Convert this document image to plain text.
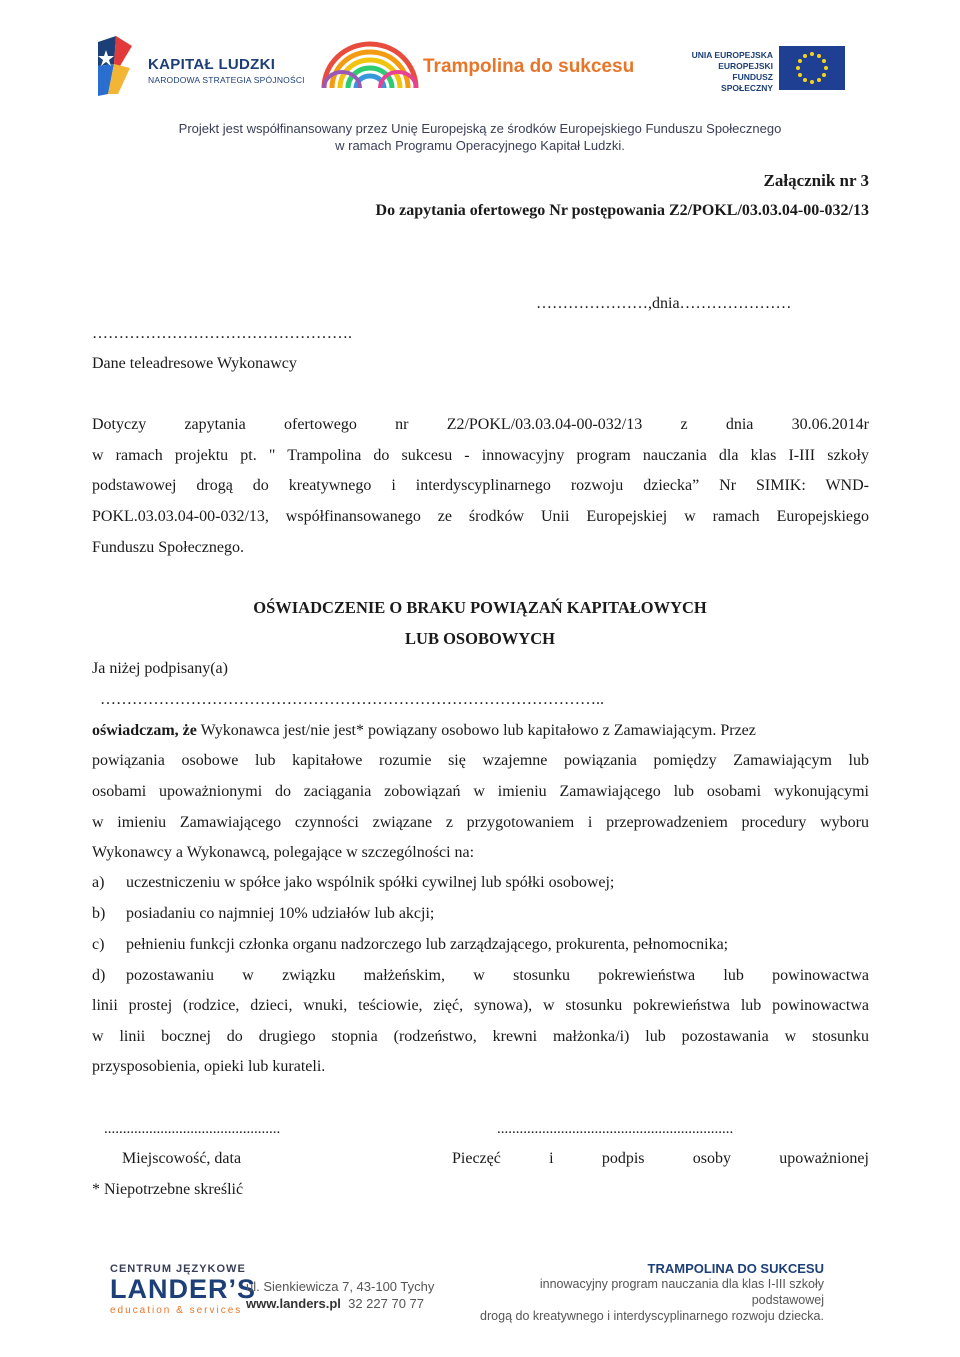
KAPITAŁ LUDZKI
NARODOWA STRATEGIA SPÓJNOŚCI
Trampolina do sukcesu
UNIA EUROPEJSKA
EUROPEJSKI
FUNDUSZ SPOŁECZNY
Projekt jest współfinansowany przez Unię Europejską ze środków Europejskiego Funduszu Społecznego
w ramach Programu Operacyjnego Kapitał Ludzki.
Załącznik nr 3
Do zapytania ofertowego Nr postępowania Z2/POKL/03.03.04-00-032/13
…………………,dnia…………………
………………………………………….
Dane teleadresowe Wykonawcy
Dotyczy zapytania ofertowego nr Z2/POKL/03.03.04-00-032/13 z dnia 30.06.2014r
w ramach projektu pt. " Trampolina do sukcesu - innowacyjny program nauczania dla klas I-III szkoły
podstawowej drogą do kreatywnego i interdyscyplinarnego rozwoju dziecka” Nr SIMIK: WND-
POKL.03.03.04-00-032/13, współfinansowanego ze środków Unii Europejskiej w ramach Europejskiego
Funduszu Społecznego.
OŚWIADCZENIE O BRAKU POWIĄZAŃ KAPITAŁOWYCH
LUB OSOBOWYCH
Ja niżej podpisany(a)
…………………………………………………………………………………..
oświadczam, że Wykonawca jest/nie jest* powiązany osobowo lub kapitałowo z Zamawiającym. Przez
powiązania osobowe lub kapitałowe rozumie się wzajemne powiązania pomiędzy Zamawiającym lub
osobami upoważnionymi do zaciągania zobowiązań w imieniu Zamawiającego lub osobami wykonującymi
w imieniu Zamawiającego czynności związane z przygotowaniem i przeprowadzeniem procedury wyboru
Wykonawcy a Wykonawcą, polegające w szczególności na:
a) uczestniczeniu w spółce jako wspólnik spółki cywilnej lub spółki osobowej;
b) posiadaniu co najmniej 10% udziałów lub akcji;
c) pełnieniu funkcji członka organu nadzorczego lub zarządzającego, prokurenta, pełnomocnika;
d)	pozostawaniu w związku małżeńskim, w stosunku pokrewieństwa lub powinowactwa
linii prostej (rodzice, dzieci, wnuki, teściowie, zięć, synowa), w stosunku pokrewieństwa lub powinowactwa
w linii bocznej do drugiego stopnia (rodzeństwo, krewni małżonka/i) lub pozostawania w stosunku
przysposobienia, opieki lub kurateli.
...............................................	...............................................................
Miejscowość, data	Pieczęć	i	podpis	osoby	upoważnionej
* Niepotrzebne skreślić
CENTRUM JĘZYKOWE
LANDER’S
education & services
ul. Sienkiewicza 7, 43-100 Tychy
www.landers.pl 32 227 70 77
TRAMPOLINA DO SUKCESU
innowacyjny program nauczania dla klas I-III szkoły podstawowej
drogą do kreatywnego i interdyscyplinarnego rozwoju dziecka.
